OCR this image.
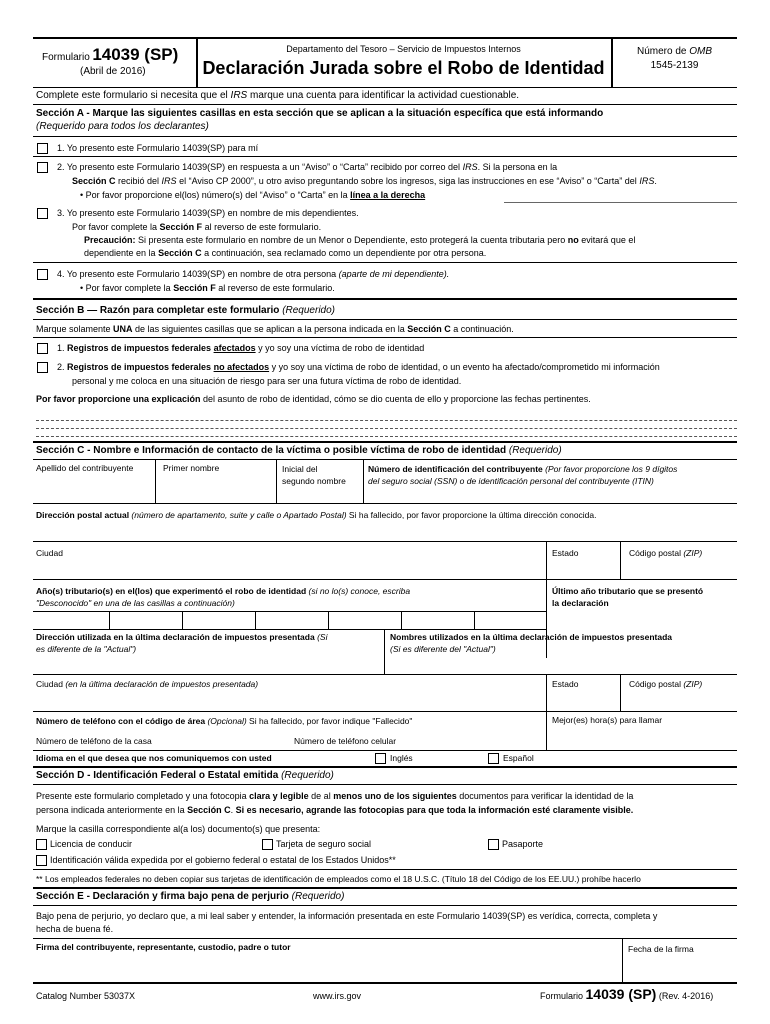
Formulario 14039 (SP)
(Abril de 2016)
Departamento del Tesoro – Servicio de Impuestos Internos
Declaración Jurada sobre el Robo de Identidad
Número de OMB
1545-2139
Complete este formulario si necesita que el IRS marque una cuenta para identificar la actividad cuestionable.
Sección A - Marque las siguientes casillas en esta sección que se aplican a la situación específica que está informando
(Requerido para todos los declarantes)
1. Yo presento este Formulario 14039(SP) para mí
2. Yo presento este Formulario 14039(SP) en respuesta a un “Aviso” o “Carta” recibido por correo del IRS. Si la persona en la
Sección C recibió del IRS el “Aviso CP 2000”, u otro aviso preguntando sobre los ingresos, siga las instrucciones en ese “Aviso” o “Carta” del IRS.
• Por favor proporcione el(los) número(s) del “Aviso” o “Carta” en la línea a la derecha
3. Yo presento este Formulario 14039(SP) en nombre de mis dependientes.
Por favor complete la Sección F al reverso de este formulario.
Precaución: Si presenta este formulario en nombre de un Menor o Dependiente, esto protegerá la cuenta tributaria pero no evitará que el
dependiente en la Sección C a continuación, sea reclamado como un dependiente por otra persona.
4. Yo presento este Formulario 14039(SP) en nombre de otra persona (aparte de mi dependiente).
• Por favor complete la Sección F al reverso de este formulario.
Sección B — Razón para completar este formulario (Requerido)
Marque solamente UNA de las siguientes casillas que se aplican a la persona indicada en la Sección C a continuación.
1. Registros de impuestos federales afectados y yo soy una víctima de robo de identidad
2. Registros de impuestos federales no afectados y yo soy una víctima de robo de identidad, o un evento ha afectado/comprometido mi información
personal y me coloca en una situación de riesgo para ser una futura víctima de robo de identidad.
Por favor proporcione una explicación del asunto de robo de identidad, cómo se dio cuenta de ello y proporcione las fechas pertinentes.
Sección C - Nombre e Información de contacto de la víctima o posible víctima de robo de identidad (Requerido)
Apellido del contribuyente	Primer nombre	Inicial del
segundo nombre
Número de identificación del contribuyente (Por favor proporcione los 9 dígitos
del seguro social (SSN) o de identificación personal del contribuyente (ITIN)
Dirección postal actual (número de apartamento, suite y calle o Apartado Postal) Si ha fallecido, por favor proporcione la última dirección conocida.
Ciudad	Estado	Código postal (ZIP)
Año(s) tributario(s) en el(los) que experimentó el robo de identidad (si no lo(s) conoce, escriba
"Desconocido" en una de las casillas a continuación)
Último año tributario que se presentó
la declaración
Dirección utilizada en la última declaración de impuestos presentada (Si
es diferente de la "Actual")
Nombres utilizados en la última declaración de impuestos presentada
(Si es diferente del "Actual")
Ciudad (en la última declaración de impuestos presentada)	Estado	Código postal (ZIP)
Número de teléfono con el código de área (Opcional) Si ha fallecido, por favor indique "Fallecido"	Mejor(es) hora(s) para llamar
Número de teléfono de la casa	Número de teléfono celular
Idioma en el que desea que nos comuniquemos con usted	Inglés	Español
Sección D - Identificación Federal o Estatal emitida (Requerido)
Presente este formulario completado y una fotocopia clara y legible de al menos uno de los siguientes documentos para verificar la identidad de la
persona indicada anteriormente en la Sección C. Si es necesario, agrande las fotocopias para que toda la información esté claramente visible.
Marque la casilla correspondiente al(a los) documento(s) que presenta:
Licencia de conducir	Tarjeta de seguro social	Pasaporte
Identificación válida expedida por el gobierno federal o estatal de los Estados Unidos**
** Los empleados federales no deben copiar sus tarjetas de identificación de empleados como el 18 U.S.C. (Título 18 del Código de los EE.UU.) prohíbe hacerlo
Sección E - Declaración y firma bajo pena de perjurio (Requerido)
Bajo pena de perjurio, yo declaro que, a mi leal saber y entender, la información presentada en este Formulario 14039(SP) es verídica, correcta, completa y
hecha de buena fé.
Firma del contribuyente, representante, custodio, padre o tutor	Fecha de la firma
Catalog Number 53037X	www.irs.gov	Formulario 14039 (SP) (Rev. 4-2016)
